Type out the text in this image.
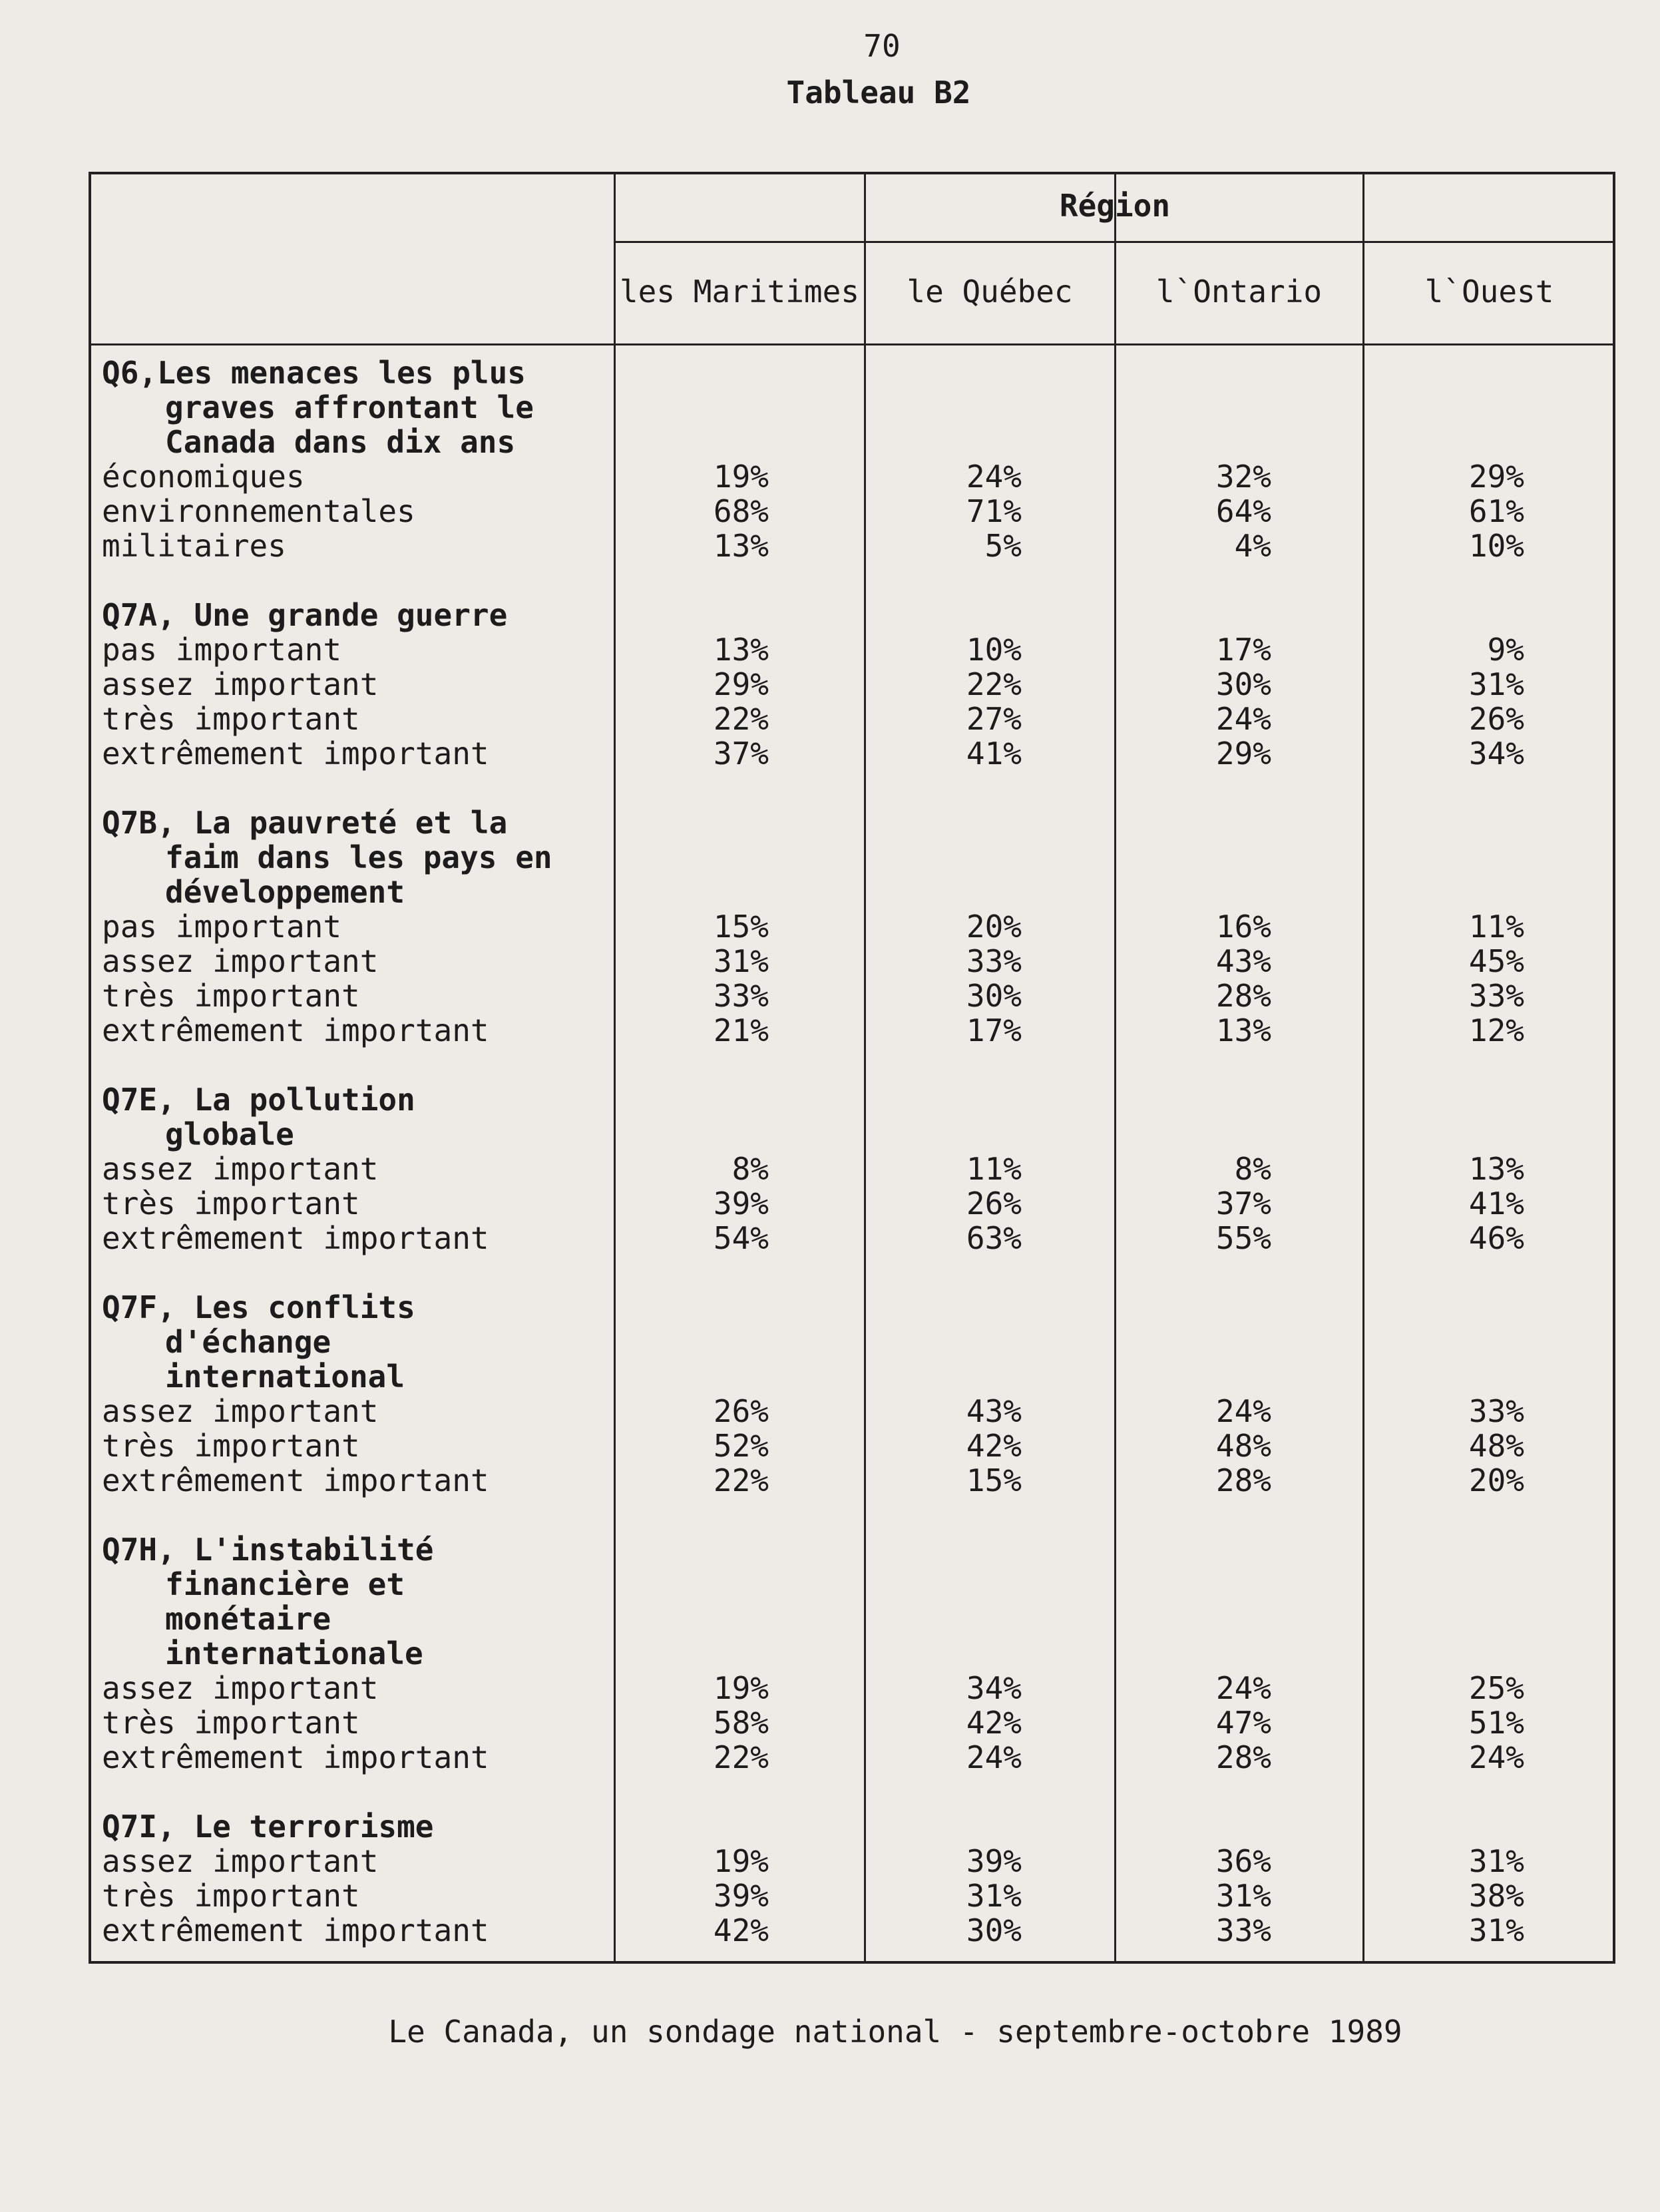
70
Tableau B2
Région
les Maritimes	le Québec	l`Ontario	l`Ouest
Q6,Les menaces les plus
graves affrontant le
Canada dans dix ans
économiques	19%	24%	32%	29%
environnementales	68%	71%	64%	61%
militaires	13%	5%	4%	10%
Q7A, Une grande guerre
pas important	13%	10%	17%	9%
assez important	29%	22%	30%	31%
très important	22%	27%	24%	26%
extrêmement important	37%	41%	29%	34%
Q7B, La pauvreté et la
faim dans les pays en
développement
pas important	15%	20%	16%	11%
assez important	31%	33%	43%	45%
très important	33%	30%	28%	33%
extrêmement important	21%	17%	13%	12%
Q7E, La pollution
globale
assez important	8%	11%	8%	13%
très important	39%	26%	37%	41%
extrêmement important	54%	63%	55%	46%
Q7F, Les conflits
d'échange
international
assez important	26%	43%	24%	33%
très important	52%	42%	48%	48%
extrêmement important	22%	15%	28%	20%
Q7H, L'instabilité
financière et
monétaire
internationale
assez important	19%	34%	24%	25%
très important	58%	42%	47%	51%
extrêmement important	22%	24%	28%	24%
Q7I, Le terrorisme
assez important	19%	39%	36%	31%
très important	39%	31%	31%	38%
extrêmement important	42%	30%	33%	31%
Le Canada, un sondage national - septembre-octobre 1989
